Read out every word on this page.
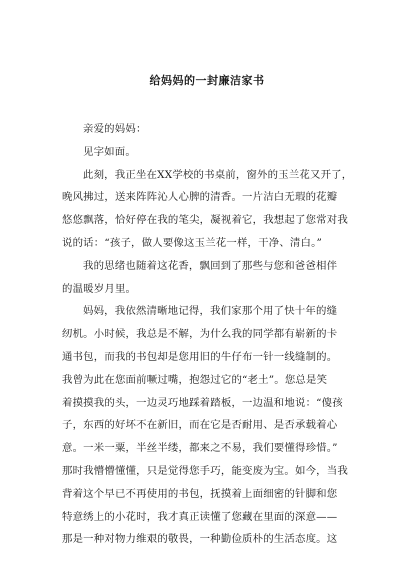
给妈妈的一封廉洁家书
亲爱的妈妈：
见字如面。
此刻，我正坐在XX学校的书桌前，窗外的玉兰花又开了，
晚风拂过，送来阵阵沁人心脾的清香。一片洁白无瑕的花瓣
悠悠飘落，恰好停在我的笔尖，凝视着它，我想起了您常对我
说的话：“孩子，做人要像这玉兰花一样，干净、清白。”
我的思绪也随着这花香，飘回到了那些与您和爸爸相伴
的温暖岁月里。
妈妈，我依然清晰地记得，我们家那个用了快十年的缝
纫机。小时候，我总是不解，为什么我的同学都有崭新的卡
通书包，而我的书包却是您用旧的牛仔布一针一线缝制的。
我曾为此在您面前噘过嘴，抱怨过它的“老土”。您总是笑
着摸摸我的头，一边灵巧地踩着踏板，一边温和地说：“傻孩
子，东西的好坏不在新旧，而在它是否耐用、是否承载着心
意。一米一粟，半丝半缕，都来之不易，我们要懂得珍惜。”
那时我懵懵懂懂，只是觉得您手巧，能变废为宝。如今，当我
背着这个早已不再使用的书包，抚摸着上面细密的针脚和您
特意绣上的小花时，我才真正读懂了您藏在里面的深意——
那是一种对物力维艰的敬畏，一种勤俭质朴的生活态度。这
